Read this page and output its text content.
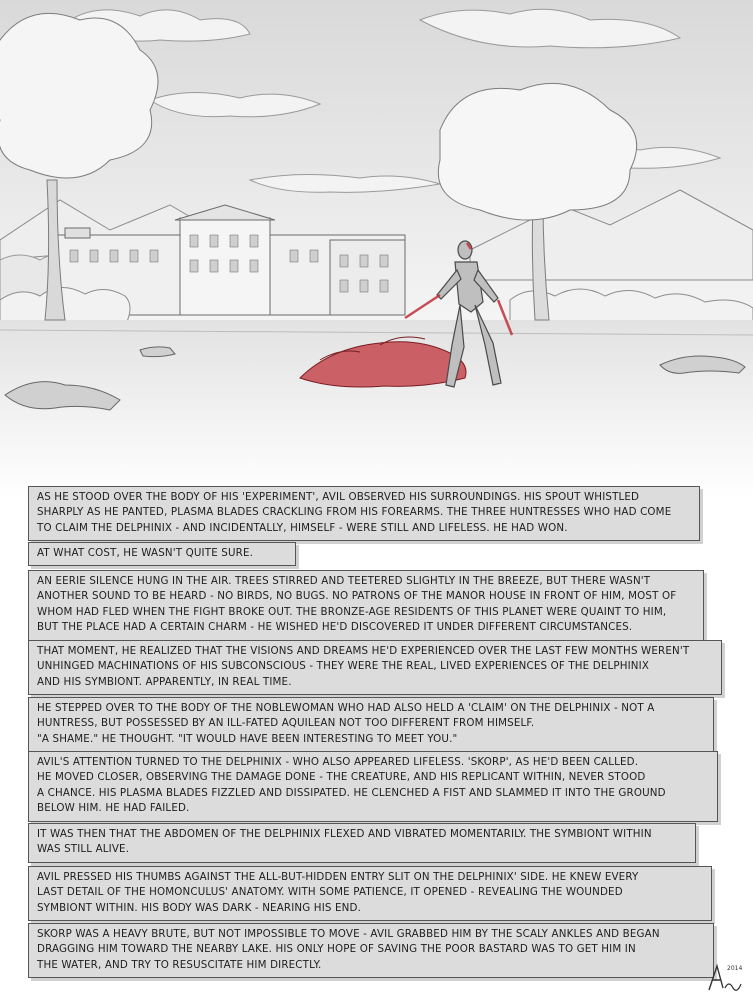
AS HE STOOD OVER THE BODY OF HIS 'EXPERIMENT', AVIL OBSERVED HIS SURROUNDINGS. HIS SPOUT WHISTLED
SHARPLY AS HE PANTED, PLASMA BLADES CRACKLING FROM HIS FOREARMS. THE THREE HUNTRESSES WHO HAD COME
TO CLAIM THE DELPHINIX - AND INCIDENTALLY, HIMSELF - WERE STILL AND LIFELESS. HE HAD WON.
AT WHAT COST, HE WASN'T QUITE SURE.
AN EERIE SILENCE HUNG IN THE AIR. TREES STIRRED AND TEETERED SLIGHTLY IN THE BREEZE, BUT THERE WASN'T
ANOTHER SOUND TO BE HEARD - NO BIRDS, NO BUGS. NO PATRONS OF THE MANOR HOUSE IN FRONT OF HIM, MOST OF
WHOM HAD FLED WHEN THE FIGHT BROKE OUT. THE BRONZE-AGE RESIDENTS OF THIS PLANET WERE QUAINT TO HIM,
BUT THE PLACE HAD A CERTAIN CHARM - HE WISHED HE'D DISCOVERED IT UNDER DIFFERENT CIRCUMSTANCES.
THAT MOMENT, HE REALIZED THAT THE VISIONS AND DREAMS HE'D EXPERIENCED OVER THE LAST FEW MONTHS WEREN'T
UNHINGED MACHINATIONS OF HIS SUBCONSCIOUS - THEY WERE THE REAL, LIVED EXPERIENCES OF THE DELPHINIX
AND HIS SYMBIONT. APPARENTLY, IN REAL TIME.
HE STEPPED OVER TO THE BODY OF THE NOBLEWOMAN WHO HAD ALSO HELD A 'CLAIM' ON THE DELPHINIX - NOT A
HUNTRESS, BUT POSSESSED BY AN ILL-FATED AQUILEAN NOT TOO DIFFERENT FROM HIMSELF.
"A SHAME." HE THOUGHT. "IT WOULD HAVE BEEN INTERESTING TO MEET YOU."
AVIL'S ATTENTION TURNED TO THE DELPHINIX - WHO ALSO APPEARED LIFELESS. 'SKORP', AS HE'D BEEN CALLED.
HE MOVED CLOSER, OBSERVING THE DAMAGE DONE - THE CREATURE, AND HIS REPLICANT WITHIN, NEVER STOOD
A CHANCE. HIS PLASMA BLADES FIZZLED AND DISSIPATED. HE CLENCHED A FIST AND SLAMMED IT INTO THE GROUND
BELOW HIM. HE HAD FAILED.
IT WAS THEN THAT THE ABDOMEN OF THE DELPHINIX FLEXED AND VIBRATED MOMENTARILY. THE SYMBIONT WITHIN
WAS STILL ALIVE.
AVIL PRESSED HIS THUMBS AGAINST THE ALL-BUT-HIDDEN ENTRY SLIT ON THE DELPHINIX' SIDE. HE KNEW EVERY
LAST DETAIL OF THE HOMONCULUS' ANATOMY. WITH SOME PATIENCE, IT OPENED - REVEALING THE WOUNDED
SYMBIONT WITHIN. HIS BODY WAS DARK - NEARING HIS END.
SKORP WAS A HEAVY BRUTE, BUT NOT IMPOSSIBLE TO MOVE - AVIL GRABBED HIM BY THE SCALY ANKLES AND BEGAN
DRAGGING HIM TOWARD THE NEARBY LAKE. HIS ONLY HOPE OF SAVING THE POOR BASTARD WAS TO GET HIM IN
THE WATER, AND TRY TO RESUSCITATE HIM DIRECTLY.	2014
